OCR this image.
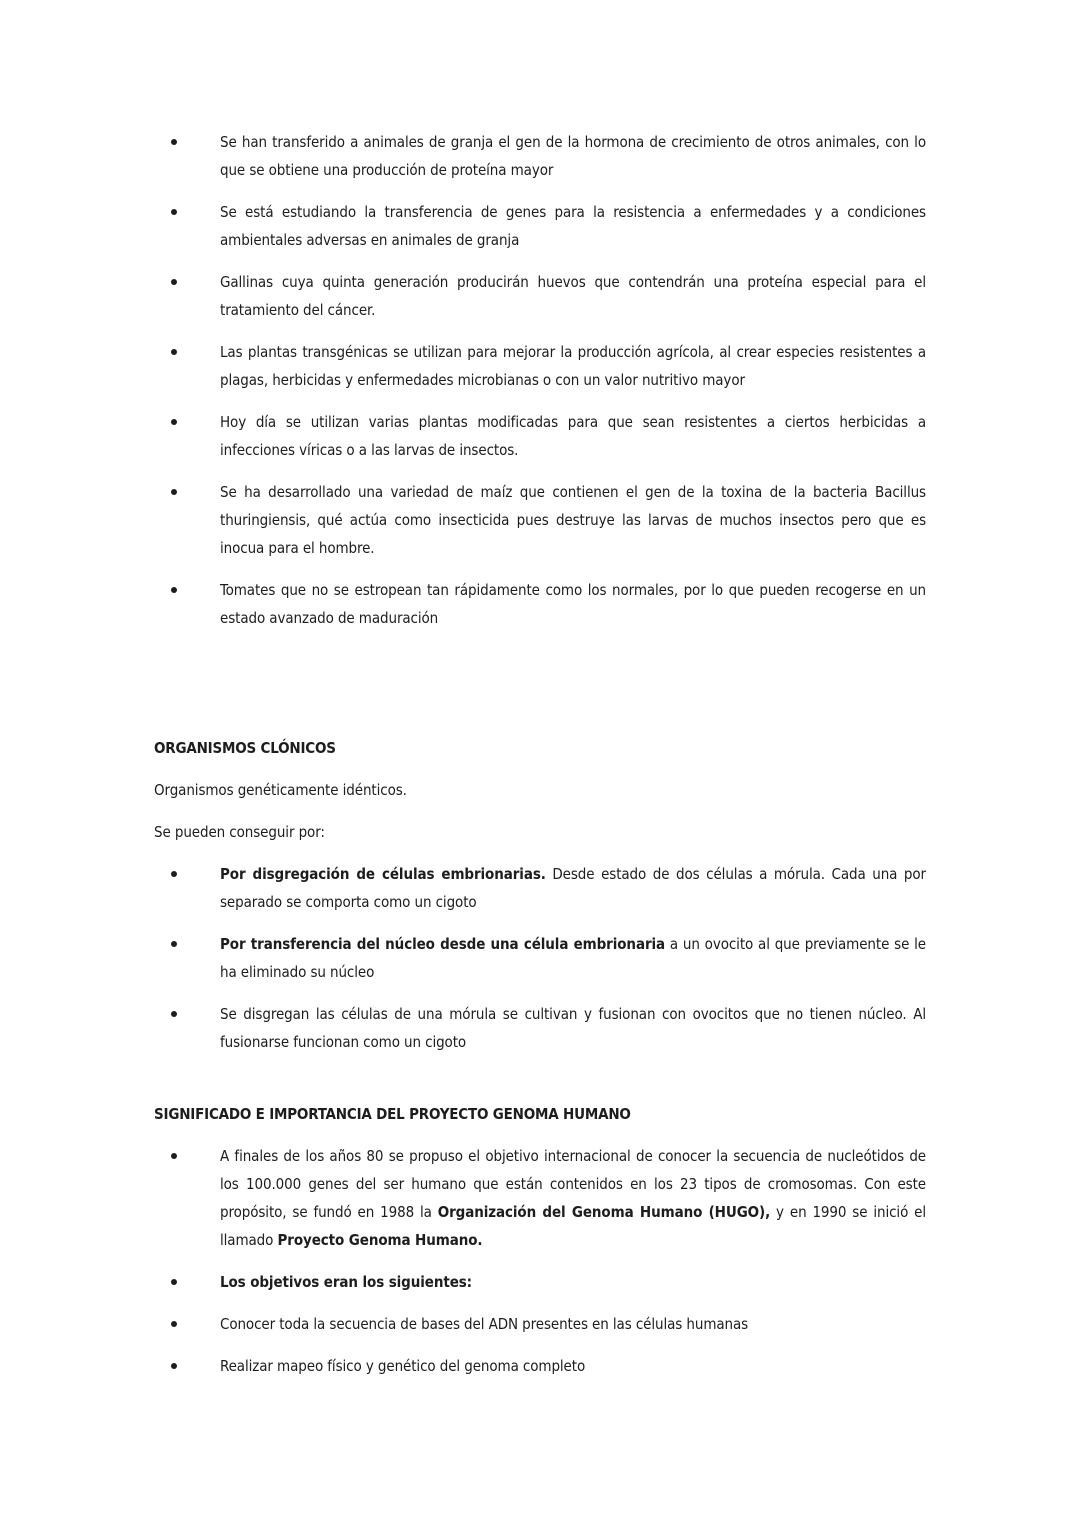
Se han transferido a animales de granja el gen de la hormona de crecimiento de otros animales, con lo que se obtiene una producción de proteína mayor
Se está estudiando la transferencia de genes para la resistencia a enfermedades y a condiciones ambientales adversas en animales de granja
Gallinas cuya quinta generación producirán huevos que contendrán una proteína especial para el tratamiento del cáncer.
Las plantas transgénicas se utilizan para mejorar la producción agrícola, al crear especies resistentes a plagas, herbicidas y enfermedades microbianas o con un valor nutritivo mayor
Hoy día se utilizan varias plantas modificadas para que sean resistentes a ciertos herbicidas a infecciones víricas o a las larvas de insectos.
Se ha desarrollado una variedad de maíz que contienen el gen de la toxina de la bacteria Bacillus thuringiensis, qué actúa como insecticida pues destruye las larvas de muchos insectos pero que es inocua para el hombre.
Tomates que no se estropean tan rápidamente como los normales, por lo que pueden recogerse en un estado avanzado de maduración
ORGANISMOS CLÓNICOS

Organismos genéticamente idénticos.

Se pueden conseguir por:

Por disgregación de células embrionarias. Desde estado de dos células a mórula. Cada una por separado se comporta como un cigoto
Por transferencia del núcleo desde una célula embrionaria a un ovocito al que previamente se le ha eliminado su núcleo
Se disgregan las células de una mórula se cultivan y fusionan con ovocitos que no tienen núcleo. Al fusionarse funcionan como un cigoto
SIGNIFICADO E IMPORTANCIA DEL PROYECTO GENOMA HUMANO
A finales de los años 80 se propuso el objetivo internacional de conocer la secuencia de nucleótidos de los 100.000 genes del ser humano que están contenidos en los 23 tipos de cromosomas. Con este propósito, se fundó en 1988 la Organización del Genoma Humano (HUGO), y en 1990 se inició el llamado Proyecto Genoma Humano.
Los objetivos eran los siguientes:
Conocer toda la secuencia de bases del ADN presentes en las células humanas
Realizar mapeo físico y genético del genoma completo
